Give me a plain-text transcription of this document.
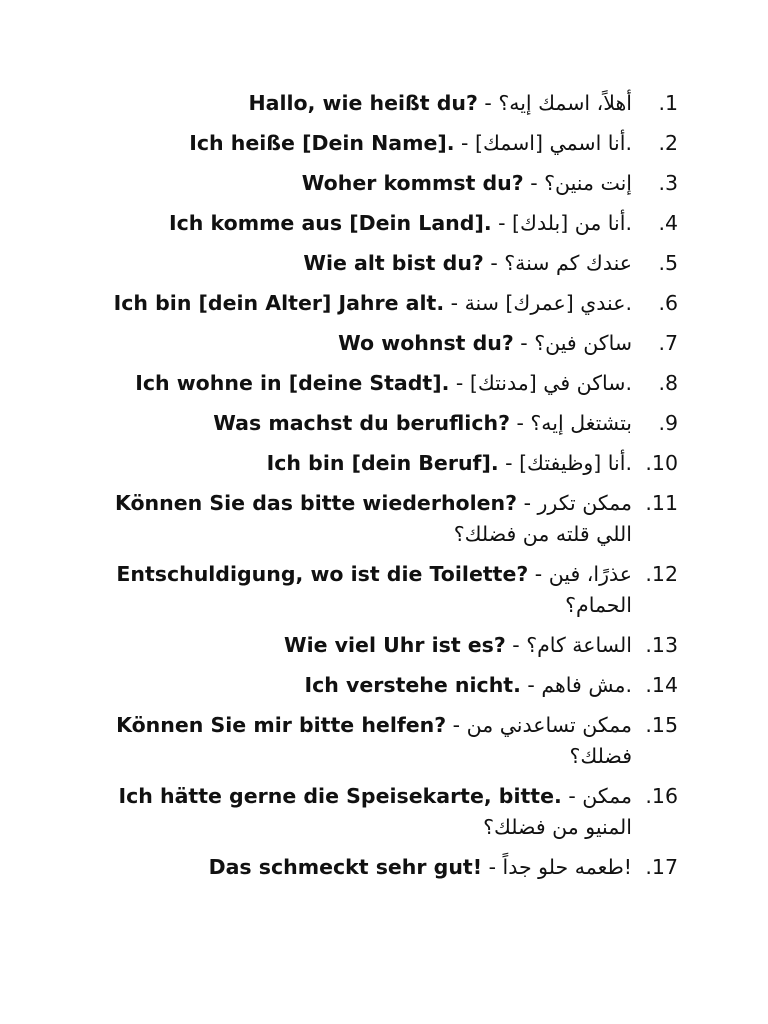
.1
Hallo, wie heißt du? - أهلاً، اسمك إيه؟
.2
Ich heiße [Dein Name]. - أنا اسمي [اسمك].
.3
Woher kommst du? - إنت منين؟
.4
Ich komme aus [Dein Land]. - أنا من [بلدك].
.5
Wie alt bist du? - عندك كم سنة؟
.6
Ich bin [dein Alter] Jahre alt. - عندي [عمرك] سنة.
.7
Wo wohnst du? - ساكن فين؟
.8
Ich wohne in [deine Stadt]. - ساكن في [مدنتك].
.9
Was machst du beruflich? - بتشتغل إيه؟
.10
Ich bin [dein Beruf]. - أنا [وظيفتك].
.11
Können Sie das bitte wiederholen? - ممكن تكرر اللي قلته من فضلك؟
.12
Entschuldigung, wo ist die Toilette? - عذرًا، فين الحمام؟
.13
Wie viel Uhr ist es? - الساعة كام؟
.14
Ich verstehe nicht. - مش فاهم.
.15
Können Sie mir bitte helfen? - ممكن تساعدني من فضلك؟
.16
Ich hätte gerne die Speisekarte, bitte. - ممكن المنيو من فضلك؟
.17
Das schmeckt sehr gut! - طعمه حلو جداً!
